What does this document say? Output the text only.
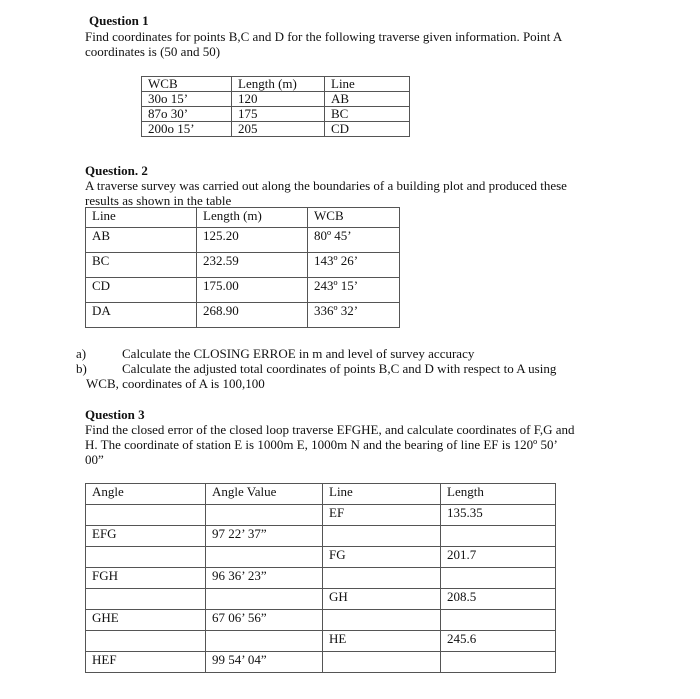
Question 1
Find coordinates for points B,C and D for the following traverse given information. Point A
coordinates is (50 and 50)
WCB	Length (m)	Line
30o 15’	120	AB
87o 30’	175	BC
200o 15’	205	CD
Question. 2
A traverse survey was carried out along the boundaries of a building plot and produced these
results as shown in the table
Line	Length (m)	WCB
AB	125.20	80º 45’
BC	232.59	143º 26’
CD	175.00	243º 15’
DA	268.90	336º 32’
a)	Calculate the CLOSING ERROE in m and level of survey accuracy
b)	Calculate the adjusted total coordinates of points B,C and D with respect to A using
WCB, coordinates of A is 100,100
Question 3
Find the closed error of the closed loop traverse EFGHE, and calculate coordinates of F,G and
H. The coordinate of station E is 1000m E, 1000m N and the bearing of line EF is 120º 50’
00”
Angle	Angle Value	Line	Length
		EF	135.35
EFG	97 22’ 37”		
		FG	201.7
FGH	96 36’ 23”		
		GH	208.5
GHE	67 06’ 56”		
		HE	245.6
HEF	99 54’ 04”		
